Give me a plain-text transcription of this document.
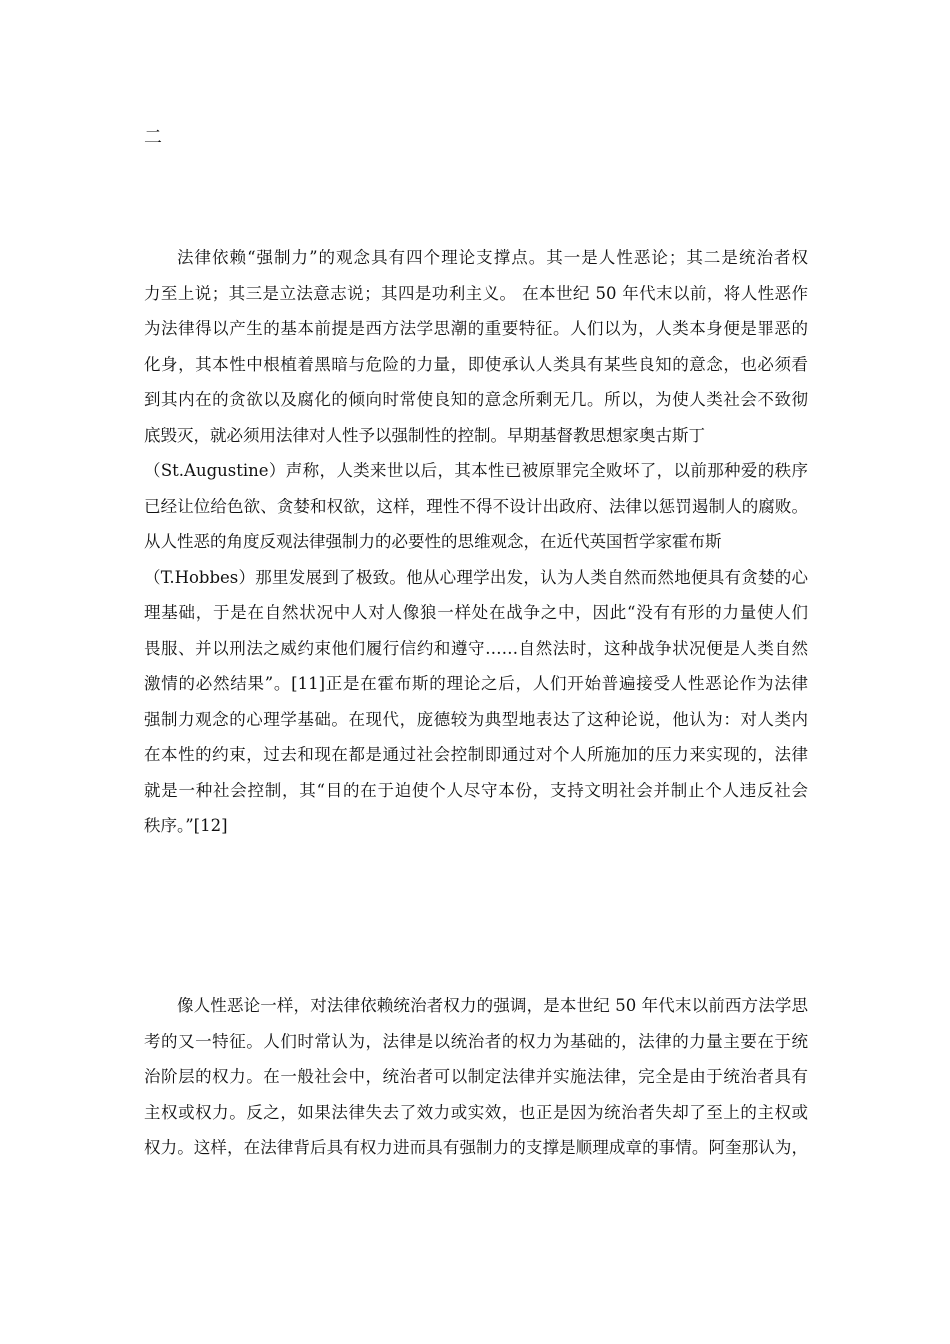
二
法律依赖“强制力”的观念具有四个理论支撑点。其一是人性恶论；其二是统治者权
力至上说；其三是立法意志说；其四是功利主义。 在本世纪 50 年代末以前，将人性恶作
为法律得以产生的基本前提是西方法学思潮的重要特征。人们以为，人类本身便是罪恶的
化身，其本性中根植着黑暗与危险的力量，即使承认人类具有某些良知的意念，也必须看
到其内在的贪欲以及腐化的倾向时常使良知的意念所剩无几。所以，为使人类社会不致彻
底毁灭，就必须用法律对人性予以强制性的控制。早期基督教思想家奥古斯丁
（St.Augustine）声称，人类来世以后，其本性已被原罪完全败坏了，以前那种爱的秩序
已经让位给色欲、贪婪和权欲，这样，理性不得不设计出政府、法律以惩罚遏制人的腐败。
从人性恶的角度反观法律强制力的必要性的思维观念，在近代英国哲学家霍布斯
（T.Hobbes）那里发展到了极致。他从心理学出发，认为人类自然而然地便具有贪婪的心
理基础，于是在自然状况中人对人像狼一样处在战争之中，因此“没有有形的力量使人们
畏服、并以刑法之威约束他们履行信约和遵守……自然法时，这种战争状况便是人类自然
激情的必然结果”。[11]正是在霍布斯的理论之后，人们开始普遍接受人性恶论作为法律
强制力观念的心理学基础。在现代，庞德较为典型地表达了这种论说，他认为：对人类内
在本性的约束，过去和现在都是通过社会控制即通过对个人所施加的压力来实现的，法律
就是一种社会控制，其“目的在于迫使个人尽守本份，支持文明社会并制止个人违反社会
秩序。”[12]
像人性恶论一样，对法律依赖统治者权力的强调，是本世纪 50 年代末以前西方法学思
考的又一特征。人们时常认为，法律是以统治者的权力为基础的，法律的力量主要在于统
治阶层的权力。在一般社会中，统治者可以制定法律并实施法律，完全是由于统治者具有
主权或权力。反之，如果法律失去了效力或实效，也正是因为统治者失却了至上的主权或
权力。这样，在法律背后具有权力进而具有强制力的支撑是顺理成章的事情。阿奎那认为，
